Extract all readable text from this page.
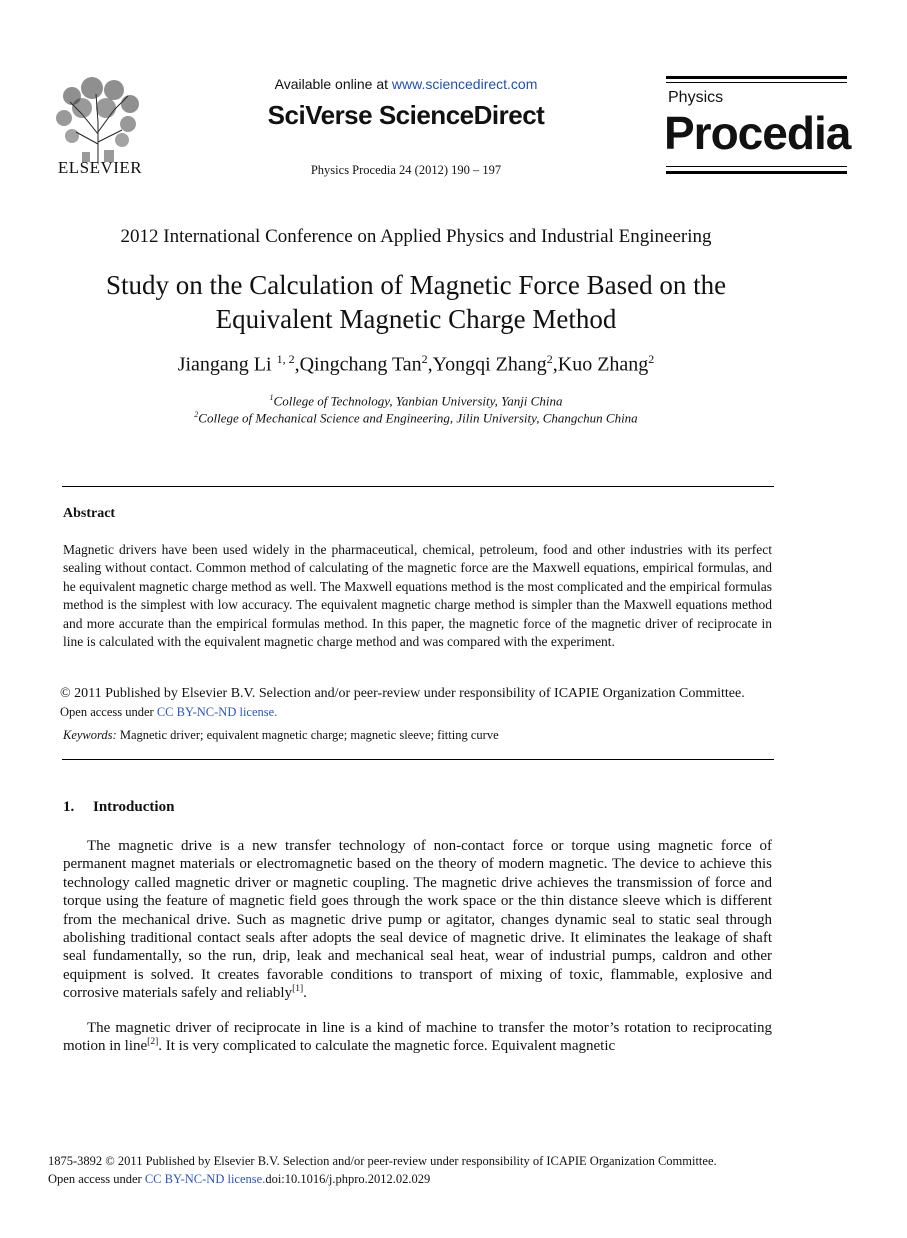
ELSEVIER
Available online at www.sciencedirect.com
SciVerse ScienceDirect
Physics Procedia 24 (2012) 190 – 197
Physics
Procedia
2012 International Conference on Applied Physics and Industrial Engineering
Study on the Calculation of Magnetic Force Based on the Equivalent Magnetic Charge Method
Jiangang Li $^{1, 2}$,Qingchang Tan$^2$,Yongqi Zhang$^2$,Kuo Zhang$^2$
$^1$College of Technology, Yanbian University, Yanji China
$^2$College of Mechanical Science and Engineering, Jilin University, Changchun China
Abstract
Magnetic drivers have been used widely in the pharmaceutical, chemical, petroleum, food and other industries with its perfect sealing without contact. Common method of calculating of the magnetic force are the Maxwell equations, empirical formulas, and he equivalent magnetic charge method as well. The Maxwell equations method is the most complicated and the empirical formulas method is the simplest with low accuracy. The equivalent magnetic charge method is simpler than the Maxwell equations method and more accurate than the empirical formulas method. In this paper, the magnetic force of the magnetic driver of reciprocate in line is calculated with the equivalent magnetic charge method and was compared with the experiment.
© 2011 Published by Elsevier B.V. Selection and/or peer-review under responsibility of ICAPIE Organization Committee.
Open access under CC BY-NC-ND license.
Keywords: Magnetic driver; equivalent magnetic charge; magnetic sleeve; fitting curve
1. Introduction
The magnetic drive is a new transfer technology of non-contact force or torque using magnetic force of permanent magnet materials or electromagnetic based on the theory of modern magnetic. The device to achieve this technology called magnetic driver or magnetic coupling. The magnetic drive achieves the transmission of force and torque using the feature of magnetic field goes through the work space or the thin distance sleeve which is different from the mechanical drive. Such as magnetic drive pump or agitator, changes dynamic seal to static seal through abolishing traditional contact seals after adopts the seal device of magnetic drive. It eliminates the leakage of shaft seal fundamentally, so the run, drip, leak and mechanical seal heat, wear of industrial pumps, caldron and other equipment is solved. It creates favorable conditions to transport of mixing of toxic, flammable, explosive and corrosive materials safely and reliably[1].
The magnetic driver of reciprocate in line is a kind of machine to transfer the motor’s rotation to reciprocating motion in line[2]. It is very complicated to calculate the magnetic force. Equivalent magnetic
1875-3892 © 2011 Published by Elsevier B.V. Selection and/or peer-review under responsibility of ICAPIE Organization Committee.
Open access under CC BY-NC-ND license.doi:10.1016/j.phpro.2012.02.029
